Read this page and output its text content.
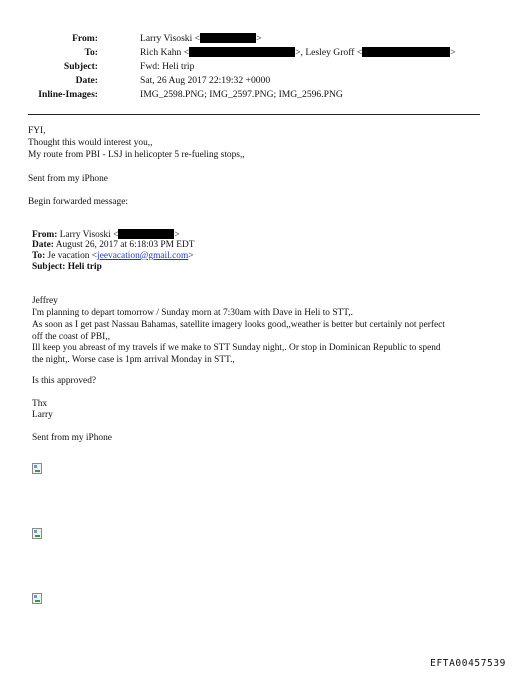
From:	Larry Visoski <	>
To:	Rich Kahn <	>, Lesley Groff <	>
Subject:	Fwd: Heli trip
Date:	Sat, 26 Aug 2017 22:19:32 +0000
Inline-Images:	IMG_2598.PNG; IMG_2597.PNG; IMG_2596.PNG
FYI,
Thought this would interest you,,
My route from PBI - LSJ in helicopter 5 re-fueling stops,,
Sent from my iPhone
Begin forwarded message:
From: Larry Visoski <	>
Date: August 26, 2017 at 6:18:03 PM EDT
To: Je vacation <jeevacation@gmail.com>
Subject: Heli trip
Jeffrey
I'm planning to depart tomorrow / Sunday morn at 7:30am with Dave in Heli to STT,.
As soon as I get past Nassau Bahamas, satellite imagery looks good,,weather is better but certainly not perfect
off the coast of PBI,,
Ill keep you abreast of my travels if we make to STT Sunday night,. Or stop in Dominican Republic to spend
the night,. Worse case is 1pm arrival Monday in STT.,
Is this approved?
Thx
Larry
Sent from my iPhone
EFTA00457539
